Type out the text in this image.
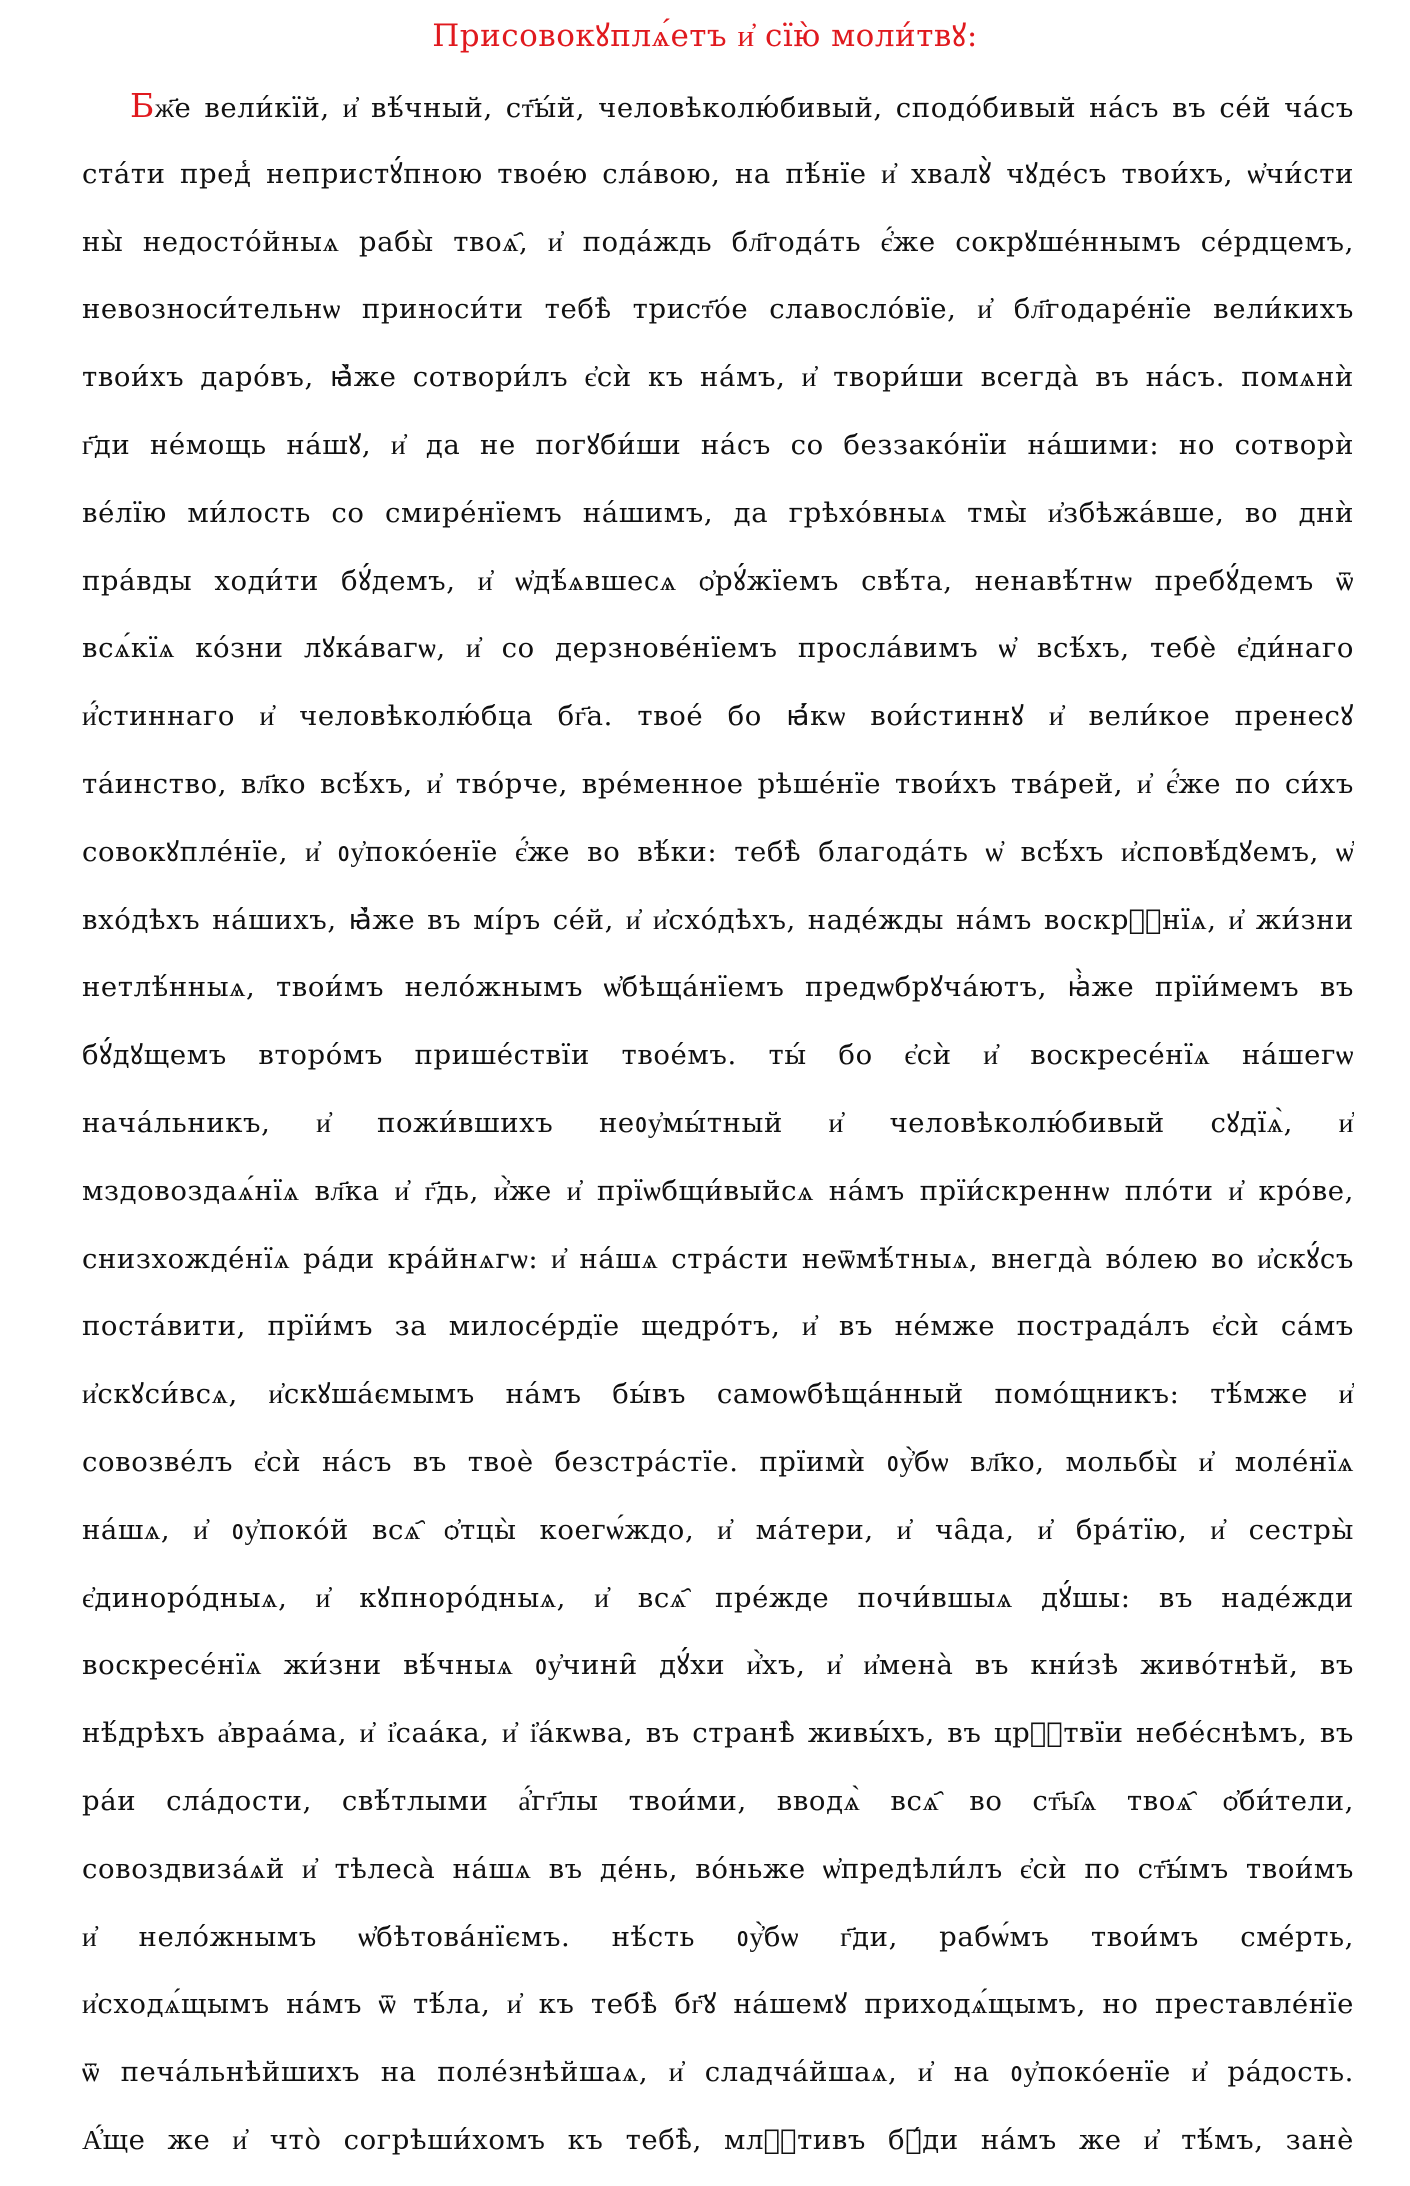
Присовокꙋплѧ́етъ и҆ сїю̀ моли́твꙋ:
Бж҃е вели́кїй, и҆ вѣ́чный, ст҃ы́й, человѣколю́бивый, сподо́бивый на́съ въ се́й ча́съ
ста́ти пред̾ непристꙋ́пною твое́ю сла́вою, на пѣ́нїе и҆ хвалꙋ̀ чꙋде́съ твои́хъ, ѡ҆чи́сти
ны̀ недосто́йныѧ рабы̀ твоѧ҄, и҆ пода́ждь бл҃года́ть є҆́же сокрꙋше́ннымъ се́рдцемъ,
невозноси́тельнѡ приноси́ти тебѣ̀ трист҃о́е славосло́вїе, и҆ бл҃годаре́нїе вели́кихъ
твои́хъ даро́въ, ꙗ҆̀же сотвори́лъ є҆сѝ къ на́мъ, и҆ твори́ши всегда̀ въ на́съ. помѧнѝ
г҃ди не́мощь на́шꙋ, и҆ да не погꙋби́ши на́съ со беззако́нїи на́шими: но сотворѝ
ве́лїю ми́лость со смире́нїемъ на́шимъ, да грѣхо́вныѧ тмы̀ и҆збѣжа́вше, во днѝ
пра́вды ходи́ти бꙋ́демъ, и҆ ѡ҆дѣ́ѧвшесѧ ѻ҆рꙋ́жїемъ свѣ́та, ненавѣ́тнѡ пребꙋ́демъ ѿ
всѧ́кїѧ ко́зни лꙋка́вагѡ, и҆ со дерзнове́нїемъ просла́вимъ ѡ҆ всѣ́хъ, тебѐ є҆ди́наго
и҆́стиннаго и҆ человѣколю́бца бг҃а. твое́ бо ꙗ҆́кѡ вои́стиннꙋ и҆ вели́кое пренесꙋ
та́инство, вл҃ко всѣ́хъ, и҆ тво́рче, вре́менное рѣше́нїе твои́хъ тва́рей, и҆ є҆́же по си́хъ
совокꙋпле́нїе, и҆ ᲂу҆поко́енїе є҆́же во вѣ́ки: тебѣ̀ благода́ть ѡ҆ всѣ́хъ и҆сповѣ́дꙋемъ, ѡ҆
вхо́дѣхъ на́шихъ, ꙗ҆̀же въ мі́ръ се́й, и҆ и҆схо́дѣхъ, наде́жды на́мъ воскрⷭ҇нїѧ, и҆ жи́зни
нетлѣ́нныѧ, твои́мъ нело́жнымъ ѡ҆бѣща́нїемъ предѡбрꙋча́ютъ, ꙗ҆̀же прїи́мемъ въ
бꙋ́дꙋщемъ второ́мъ прише́ствїи твое́мъ. ты́ бо є҆сѝ и҆ воскресе́нїѧ на́шегѡ
нача́льникъ, и҆ пожи́вшихъ неᲂу҆мы́тный и҆ человѣколю́бивый сꙋдїѧ̀, и҆
мздовоздаѧ́нїѧ вл҃ка и҆ г҃дь, и҆̀же и҆ прїѡбщи́выйсѧ на́мъ прїи́скреннѡ пло́ти и҆ кро́ве,
снизхожде́нїѧ ра́ди кра́йнѧгѡ: и҆ на́шѧ стра́сти неѿмѣ́тныѧ, внегда̀ во́лею во и҆скꙋ́съ
поста́вити, прїи́мъ за милосе́рдїе щедро́тъ, и҆ въ не́мже пострада́лъ є҆сѝ са́мъ
и҆скꙋси́всѧ, и҆скꙋша́ємымъ на́мъ бы́въ самоѡбѣща́нный помо́щникъ: тѣ́мже и҆
совозве́лъ є҆сѝ на́съ въ твоѐ безстра́стїе. прїимѝ ᲂу҆̀бѡ вл҃ко, мольбы̀ и҆ моле́нїѧ
на́шѧ, и҆ ᲂу҆поко́й всѧ҄ ѻ҆тцы̀ коегѡ́ждо, и҆ ма́тери, и҆ ча̑да, и҆ бра́тїю, и҆ сестры̀
є҆диноро́дныѧ, и҆ кꙋпноро́дныѧ, и҆ всѧ҄ пре́жде почи́вшыѧ дꙋ́шы: въ наде́жди
воскресе́нїѧ жи́зни вѣ́чныѧ ᲂу҆чини̑ дꙋ́хи и҆̀хъ, и҆ и҆мена̀ въ кни́зѣ живо́тнѣй, въ
нѣ́дрѣхъ а҆враа́ма, и҆ і҆саа́ка, и҆ і҆а́кѡва, въ странѣ̀ живы́хъ, въ црⷭ҇твїи небе́снѣмъ, въ
ра́и сла́дости, свѣ́тлыми а҆́гг҃лы твои́ми, вводѧ̀ всѧ҄ во ст҃ы҄ѧ твоѧ҄ ѻ҆би́тели,
совоздвиза́ѧй и҆ тѣлеса̀ на́шѧ въ де́нь, во́ньже ѡ҆предѣли́лъ є҆сѝ по ст҃ы́мъ твои́мъ
и҆ нело́жнымъ ѡ҆бѣтова́нїємъ. нѣ́сть ᲂу҆̀бѡ г҃ди, рабѡ́мъ твои́мъ сме́рть,
и҆сходѧ́щымъ на́мъ ѿ тѣ́ла, и҆ къ тебѣ̀ бг҃ꙋ на́шемꙋ приходѧ́щымъ, но преставле́нїе
ѿ печа́льнѣйшихъ на поле́знѣйшаѧ, и҆ сладча́йшаѧ, и҆ на ᲂу҆поко́енїе и҆ ра́дость.
А҆́ще же и҆ что̀ согрѣши́хомъ къ тебѣ̀, млⷭ҇тивъ бꙋ́ди на́мъ же и҆ тѣ́мъ, занѐ
